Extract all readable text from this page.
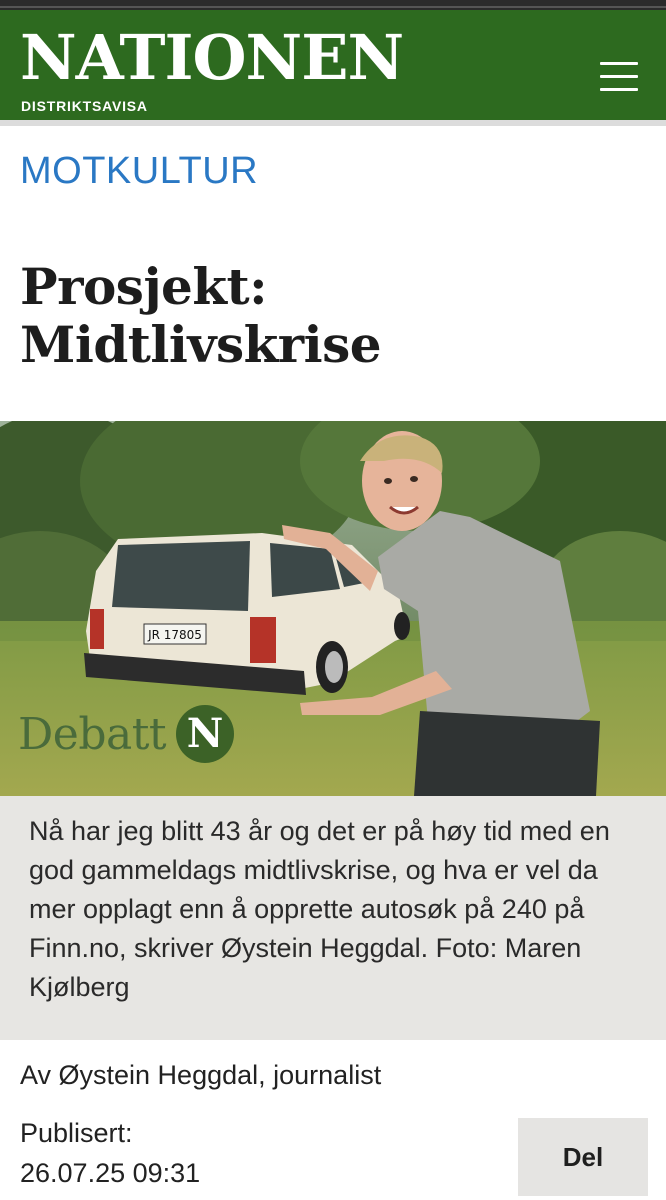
NATIONEN
DISTRIKTSAVISA
MOTKULTUR
Prosjekt: Midtlivskrise
JR 17805
Debatt N
Nå har jeg blitt 43 år og det er på høy tid med en god gammeldags midtlivskrise, og hva er vel da mer opplagt enn å opprette autosøk på 240 på Finn.no, skriver Øystein Heggdal. Foto: Maren Kjølberg
Av Øystein Heggdal, journalist
Publisert:
26.07.25 09:31
Del
